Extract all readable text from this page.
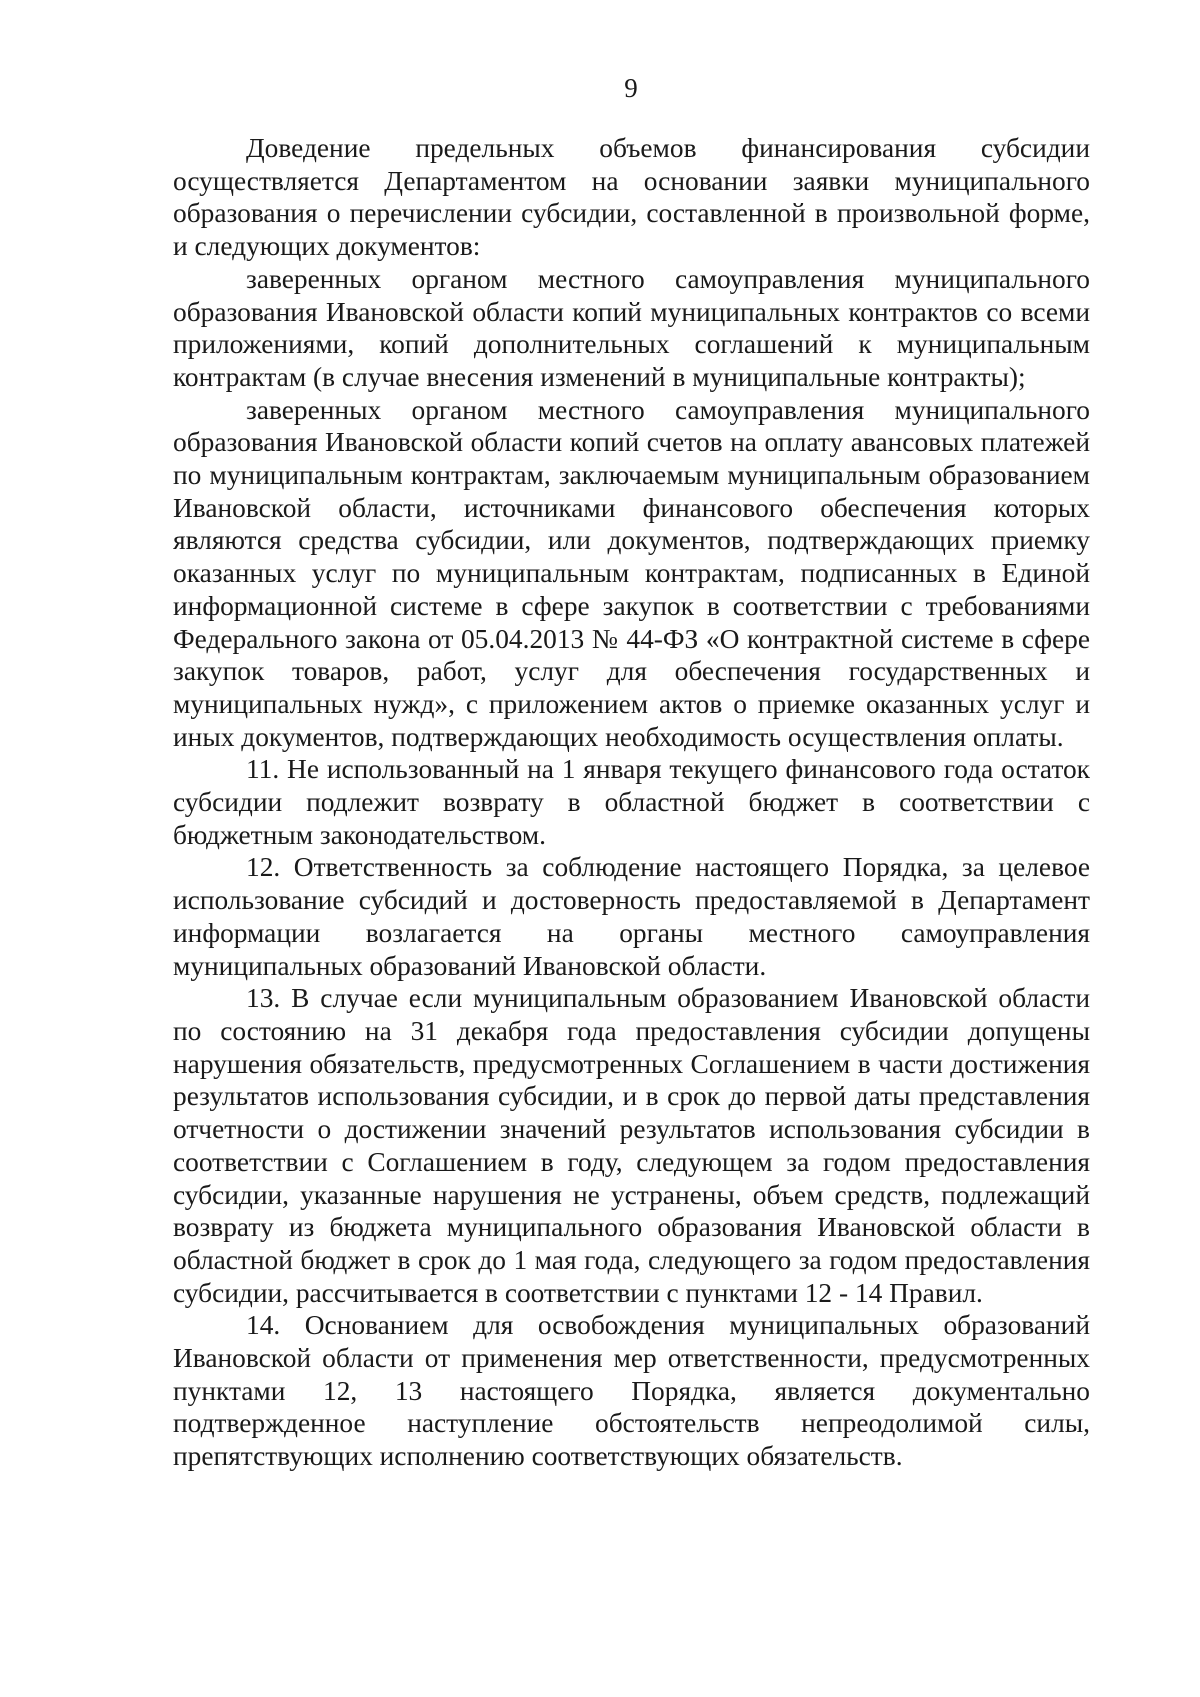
9

Доведение предельных объемов финансирования субсидии осуществляется Департаментом на основании заявки муниципального образования о перечислении субсидии, составленной в произвольной форме, и следующих документов:

заверенных органом местного самоуправления муниципального образования Ивановской области копий муниципальных контрактов со всеми приложениями, копий дополнительных соглашений к муниципальным контрактам (в случае внесения изменений в муниципальные контракты);

заверенных органом местного самоуправления муниципального образования Ивановской области копий счетов на оплату авансовых платежей по муниципальным контрактам, заключаемым муниципальным образованием Ивановской области, источниками финансового обеспечения которых являются средства субсидии, или документов, подтверждающих приемку оказанных услуг по муниципальным контрактам, подписанных в Единой информационной системе в сфере закупок в соответствии с требованиями Федерального закона от 05.04.2013 № 44-ФЗ «О контрактной системе в сфере закупок товаров, работ, услуг для обеспечения государственных и муниципальных нужд», с приложением актов о приемке оказанных услуг и иных документов, подтверждающих необходимость осуществления оплаты.

11. Не использованный на 1 января текущего финансового года остаток субсидии подлежит возврату в областной бюджет в соответствии с бюджетным законодательством.

12. Ответственность за соблюдение настоящего Порядка, за целевое использование субсидий и достоверность предоставляемой в Департамент информации возлагается на органы местного самоуправления муниципальных образований Ивановской области.

13. В случае если муниципальным образованием Ивановской области по состоянию на 31 декабря года предоставления субсидии допущены нарушения обязательств, предусмотренных Соглашением в части достижения результатов использования субсидии, и в срок до первой даты представления отчетности о достижении значений результатов использования субсидии в соответствии с Соглашением в году, следующем за годом предоставления субсидии, указанные нарушения не устранены, объем средств, подлежащий возврату из бюджета муниципального образования Ивановской области в областной бюджет в срок до 1 мая года, следующего за годом предоставления субсидии, рассчитывается в соответствии с пунктами 12 - 14 Правил.

14. Основанием для освобождения муниципальных образований Ивановской области от применения мер ответственности, предусмотренных пунктами 12, 13 настоящего Порядка, является документально подтвержденное наступление обстоятельств непреодолимой силы, препятствующих исполнению соответствующих обязательств.
